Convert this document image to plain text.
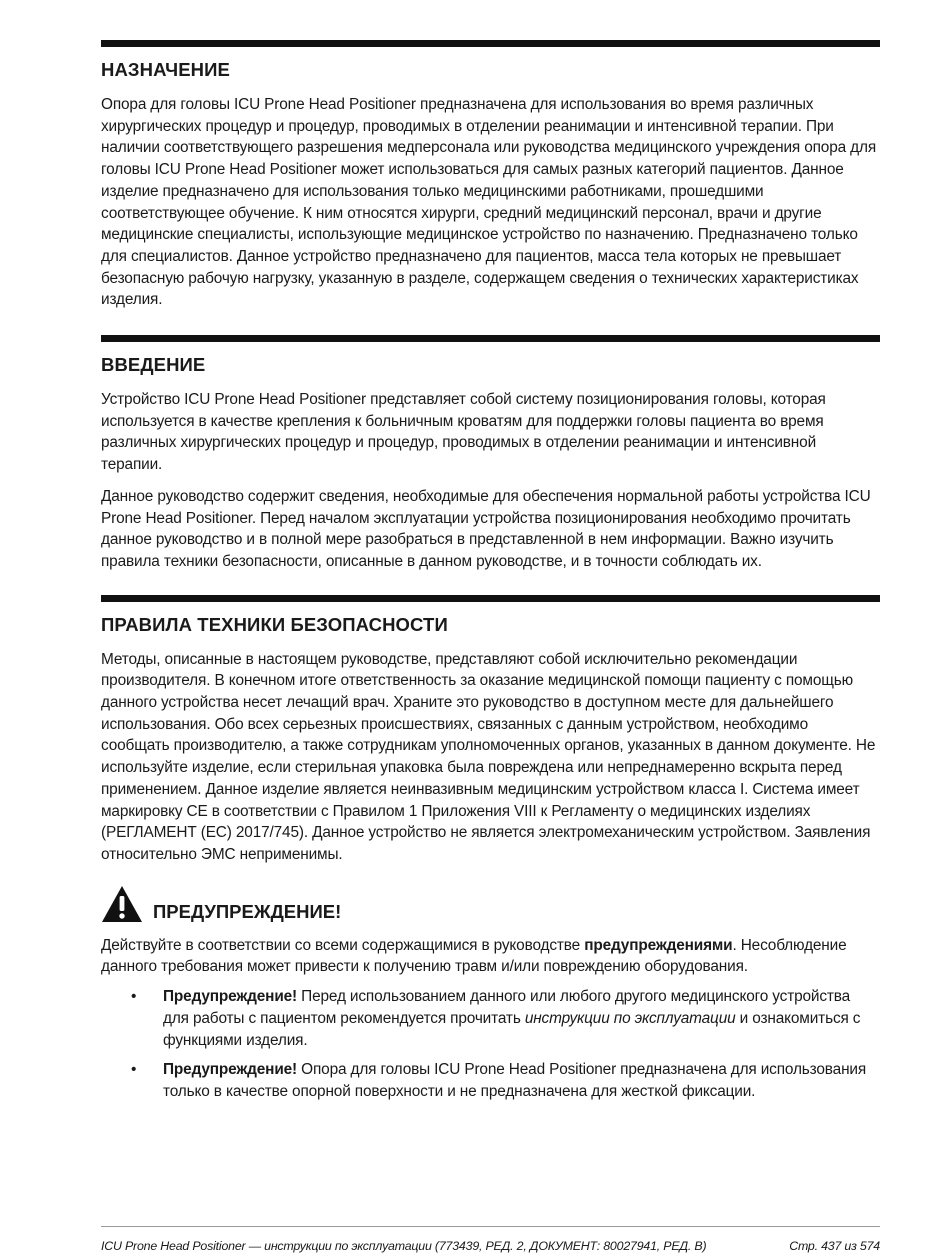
НАЗНАЧЕНИЕ

Опора для головы ICU Prone Head Positioner предназначена для использования во время различных хирургических процедур и процедур, проводимых в отделении реанимации и интенсивной терапии. При наличии соответствующего разрешения медперсонала или руководства медицинского учреждения опора для головы ICU Prone Head Positioner может использоваться для самых разных категорий пациентов. Данное изделие предназначено для использования только медицинскими работниками, прошедшими соответствующее обучение. К ним относятся хирурги, средний медицинский персонал, врачи и другие медицинские специалисты, использующие медицинское устройство по назначению. Предназначено только для специалистов. Данное устройство предназначено для пациентов, масса тела которых не превышает безопасную рабочую нагрузку, указанную в разделе, содержащем сведения о технических характеристиках изделия.

ВВЕДЕНИЕ

Устройство ICU Prone Head Positioner представляет собой систему позиционирования головы, которая используется в качестве крепления к больничным кроватям для поддержки головы пациента во время различных хирургических процедур и процедур, проводимых в отделении реанимации и интенсивной терапии.

Данное руководство содержит сведения, необходимые для обеспечения нормальной работы устройства ICU Prone Head Positioner. Перед началом эксплуатации устройства позиционирования необходимо прочитать данное руководство и в полной мере разобраться в представленной в нем информации. Важно изучить правила техники безопасности, описанные в данном руководстве, и в точности соблюдать их.

ПРАВИЛА ТЕХНИКИ БЕЗОПАСНОСТИ

Методы, описанные в настоящем руководстве, представляют собой исключительно рекомендации производителя. В конечном итоге ответственность за оказание медицинской помощи пациенту с помощью данного устройства несет лечащий врач. Храните это руководство в доступном месте для дальнейшего использования. Обо всех серьезных происшествиях, связанных с данным устройством, необходимо сообщать производителю, а также сотрудникам уполномоченных органов, указанных в данном документе. Не используйте изделие, если стерильная упаковка была повреждена или непреднамеренно вскрыта перед применением. Данное изделие является неинвазивным медицинским устройством класса I. Система имеет маркировку CE в соответствии с Правилом 1 Приложения VIII к Регламенту о медицинских изделиях (РЕГЛАМЕНТ (ЕС) 2017/745). Данное устройство не является электромеханическим устройством. Заявления относительно ЭМС неприменимы.

ПРЕДУПРЕЖДЕНИЕ!

Действуйте в соответствии со всеми содержащимися в руководстве предупреждениями. Несоблюдение данного требования может привести к получению травм и/или повреждению оборудования.

• Предупреждение! Перед использованием данного или любого другого медицинского устройства для работы с пациентом рекомендуется прочитать инструкции по эксплуатации и ознакомиться с функциями изделия.
• Предупреждение! Опора для головы ICU Prone Head Positioner предназначена для использования только в качестве опорной поверхности и не предназначена для жесткой фиксации.
ICU Prone Head Positioner — инструкции по эксплуатации (773439, РЕД. 2, ДОКУМЕНТ: 80027941, РЕД. B)	Стр. 437 из 574
